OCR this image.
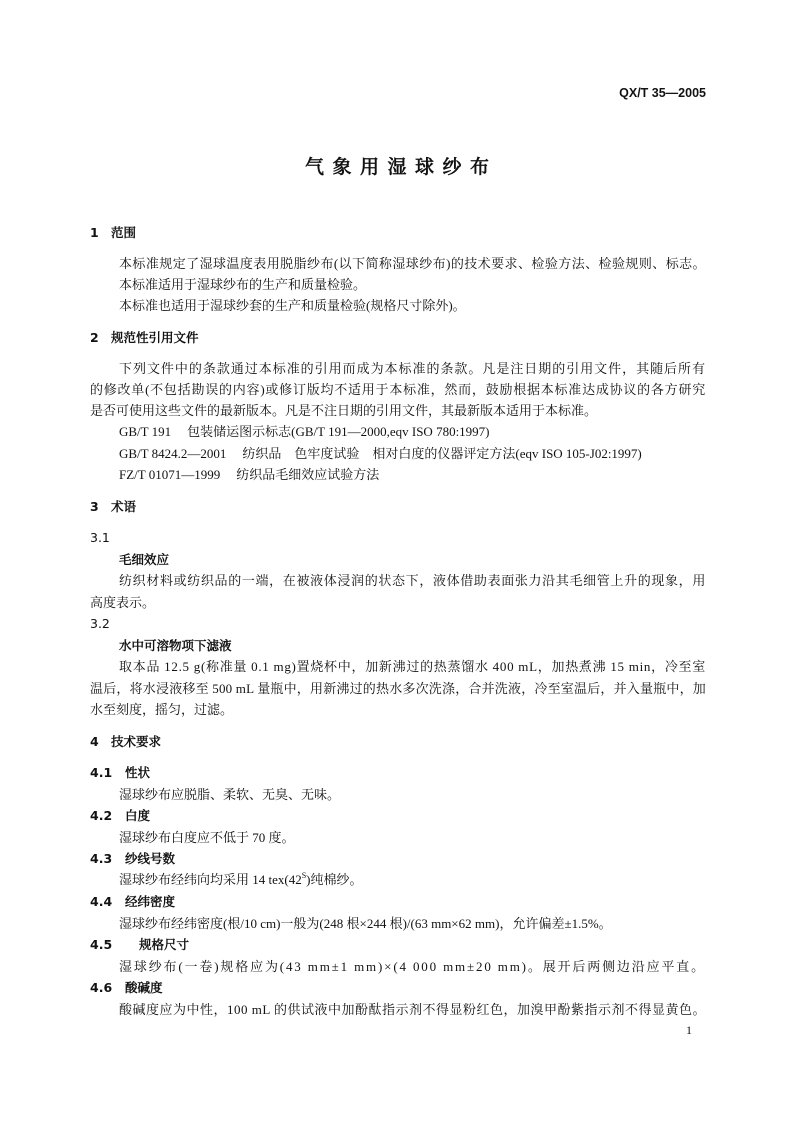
QX/T 35—2005
气象用湿球纱布
1 范围
本标准规定了湿球温度表用脱脂纱布(以下简称湿球纱布)的技术要求、检验方法、检验规则、标志。
本标准适用于湿球纱布的生产和质量检验。
本标准也适用于湿球纱套的生产和质量检验(规格尺寸除外)。
2 规范性引用文件
下列文件中的条款通过本标准的引用而成为本标准的条款。凡是注日期的引用文件，其随后所有
的修改单(不包括勘误的内容)或修订版均不适用于本标准，然而，鼓励根据本标准达成协议的各方研究
是否可使用这些文件的最新版本。凡是不注日期的引用文件，其最新版本适用于本标准。
GB/T 191 包装储运图示标志(GB/T 191—2000,eqv ISO 780:1997)
GB/T 8424.2—2001 纺织品　色牢度试验　相对白度的仪器评定方法(eqv ISO 105-J02:1997)
FZ/T 01071—1999 纺织品毛细效应试验方法
3 术语
3.1
毛细效应
纺织材料或纺织品的一端，在被液体浸润的状态下，液体借助表面张力沿其毛细管上升的现象，用
高度表示。
3.2
水中可溶物项下滤液
取本品 12.5 g(称准量 0.1 mg)置烧杯中，加新沸过的热蒸馏水 400 mL，加热煮沸 15 min，冷至室
温后，将水浸液移至 500 mL 量瓶中，用新沸过的热水多次洗涤，合并洗液，冷至室温后，并入量瓶中，加
水至刻度，摇匀，过滤。
4 技术要求
4.1 性状
湿球纱布应脱脂、柔软、无臭、无味。
4.2 白度
湿球纱布白度应不低于 70 度。
4.3 纱线号数
湿球纱布经纬向均采用 14 $tex(42^S)$纯棉纱。
4.4 经纬密度
湿球纱布经纬密度(根/10 cm)一般为(248 根×244 根)/(63 mm×62 mm)，允许偏差±1.5%。
4.5 规格尺寸
湿球纱布(一卷)规格应为(43 mm±1 mm)×(4 000 mm±20 mm)。展开后两侧边沿应平直。
4.6 酸碱度
酸碱度应为中性，100 mL 的供试液中加酚酞指示剂不得显粉红色，加溴甲酚紫指示剂不得显黄色。
1
